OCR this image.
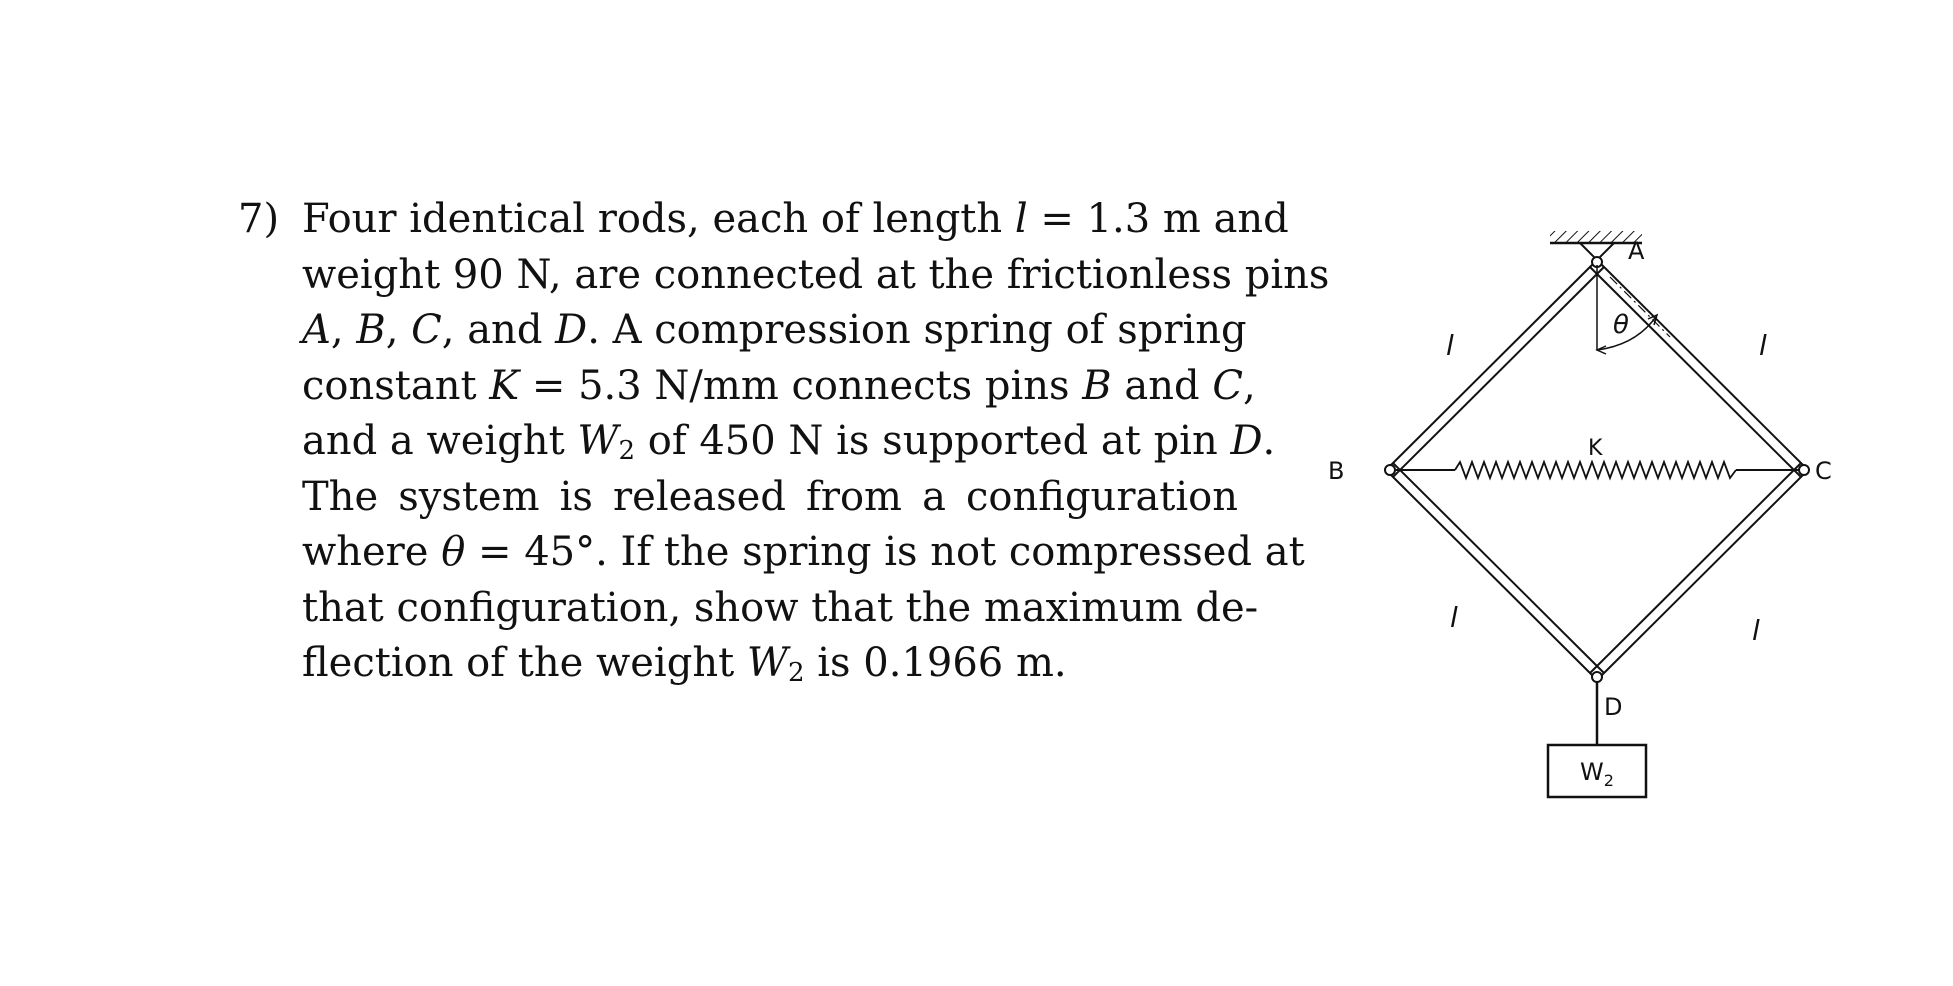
7) Four identical rods, each of length l = 1.3 m and
weight 90 N, are connected at the frictionless pins
A, B, C, and D. A compression spring of spring
constant K = 5.3 N/mm connects pins B and C,
and a weight $W_2$ of 450 N is supported at pin D.
The system is released from a configuration
where θ = 45°. If the spring is not compressed at
that configuration, show that the maximum de-
flection of the weight $W_2$ is 0.1966 m.
A
B	C
D
K
θ
l	l
l	l
$W_2$
